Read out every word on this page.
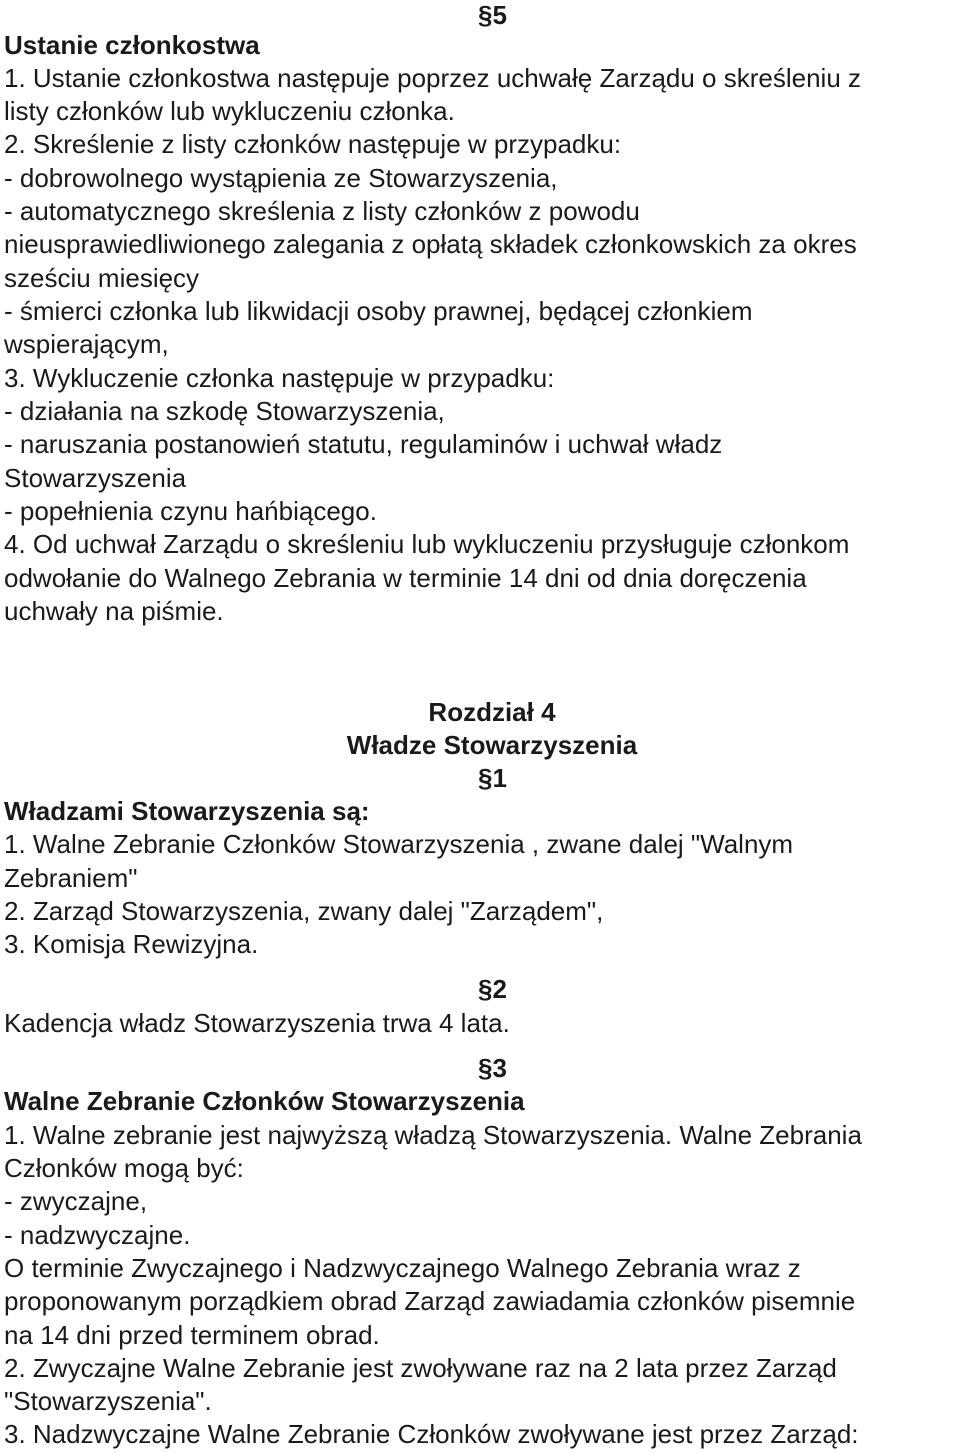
§5
Ustanie członkostwa
1. Ustanie członkostwa następuje poprzez uchwałę Zarządu o skreśleniu z
listy członków lub wykluczeniu członka.
2. Skreślenie z listy członków następuje w przypadku:
- dobrowolnego wystąpienia ze Stowarzyszenia,
- automatycznego skreślenia z listy członków z powodu
nieusprawiedliwionego zalegania z opłatą składek członkowskich za okres
sześciu miesięcy
- śmierci członka lub likwidacji osoby prawnej, będącej członkiem
wspierającym,
3. Wykluczenie członka następuje w przypadku:
- działania na szkodę Stowarzyszenia,
- naruszania postanowień statutu, regulaminów i uchwał władz
Stowarzyszenia
- popełnienia czynu hańbiącego.
4. Od uchwał Zarządu o skreśleniu lub wykluczeniu przysługuje członkom
odwołanie do Walnego Zebrania w terminie 14 dni od dnia doręczenia
uchwały na piśmie.
Rozdział 4
Władze Stowarzyszenia
§1
Władzami Stowarzyszenia są:
1. Walne Zebranie Członków Stowarzyszenia , zwane dalej "Walnym
Zebraniem"
2. Zarząd Stowarzyszenia, zwany dalej "Zarządem",
3. Komisja Rewizyjna.
§2
Kadencja władz Stowarzyszenia trwa 4 lata.
§3
Walne Zebranie Członków Stowarzyszenia
1. Walne zebranie jest najwyższą władzą Stowarzyszenia. Walne Zebrania
Członków mogą być:
- zwyczajne,
- nadzwyczajne.
O terminie Zwyczajnego i Nadzwyczajnego Walnego Zebrania wraz z
proponowanym porządkiem obrad Zarząd zawiadamia członków pisemnie
na 14 dni przed terminem obrad.
2. Zwyczajne Walne Zebranie jest zwoływane raz na 2 lata przez Zarząd
"Stowarzyszenia".
3. Nadzwyczajne Walne Zebranie Członków zwoływane jest przez Zarząd:
